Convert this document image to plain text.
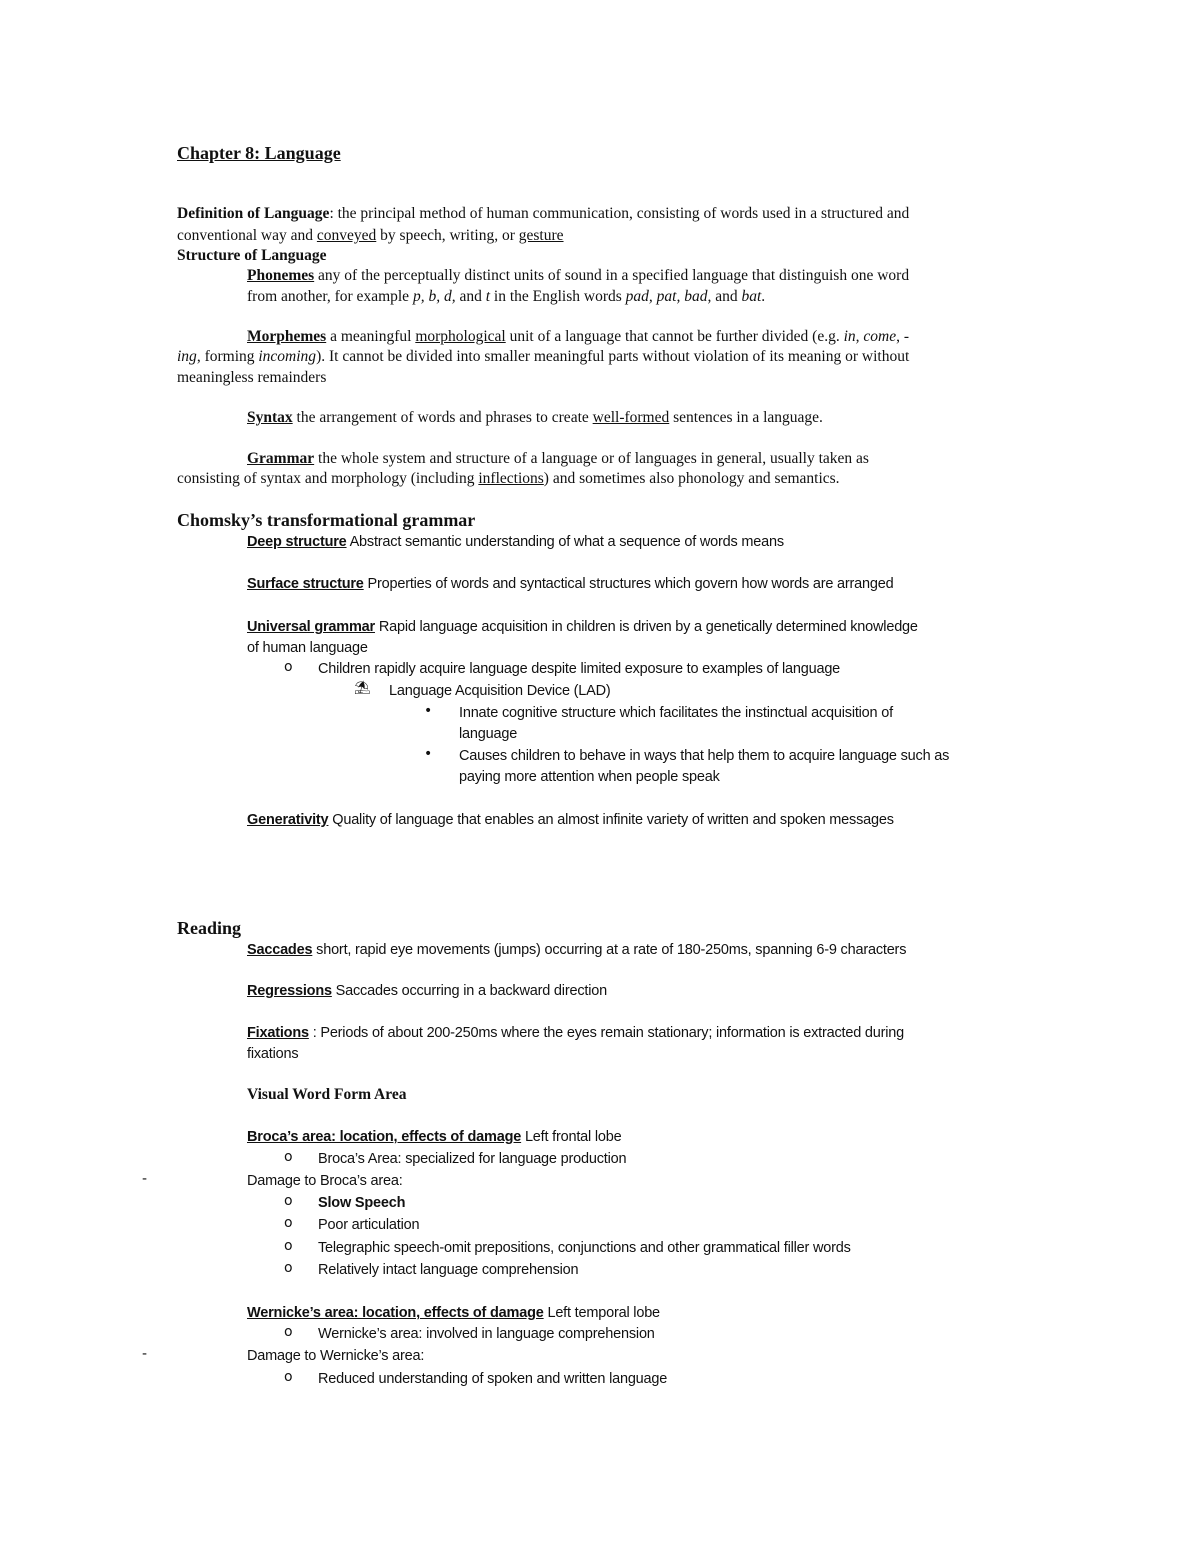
Chapter 8: Language
Definition of Language: the principal method of human communication, consisting of words used in a structured and
conventional way and conveyed by speech, writing, or gesture
Structure of Language
Phonemes any of the perceptually distinct units of sound in a specified language that distinguish one word
from another, for example p, b, d, and t in the English words pad, pat, bad, and bat.
Morphemes a meaningful morphological unit of a language that cannot be further divided (e.g. in, come, -
ing, forming incoming). It cannot be divided into smaller meaningful parts without violation of its meaning or without
meaningless remainders
Syntax the arrangement of words and phrases to create well-formed sentences in a language.
Grammar the whole system and structure of a language or of languages in general, usually taken as
consisting of syntax and morphology (including inflections) and sometimes also phonology and semantics.
Chomsky’s transformational grammar
Deep structure Abstract semantic understanding of what a sequence of words means
Surface structure Properties of words and syntactical structures which govern how words are arranged
Universal grammar Rapid language acquisition in children is driven by a genetically determined knowledge
of human language
o	Children rapidly acquire language despite limited exposure to examples of language
⛱ Language Acquisition Device (LAD)
•	Innate cognitive structure which facilitates the instinctual acquisition of
language
•	Causes children to behave in ways that help them to acquire language such as
paying more attention when people speak
Generativity Quality of language that enables an almost infinite variety of written and spoken messages
Reading
Saccades short, rapid eye movements (jumps) occurring at a rate of 180-250ms, spanning 6-9 characters
Regressions Saccades occurring in a backward direction
Fixations : Periods of about 200-250ms where the eyes remain stationary; information is extracted during
fixations
Visual Word Form Area
Broca’s area: location, effects of damage Left frontal lobe
o	Broca’s Area: specialized for language production
-	Damage to Broca’s area:
o	Slow Speech
o	Poor articulation
o	Telegraphic speech-omit prepositions, conjunctions and other grammatical filler words
o	Relatively intact language comprehension
Wernicke’s area: location, effects of damage Left temporal lobe
o	Wernicke’s area: involved in language comprehension
-	Damage to Wernicke’s area:
o	Reduced understanding of spoken and written language
